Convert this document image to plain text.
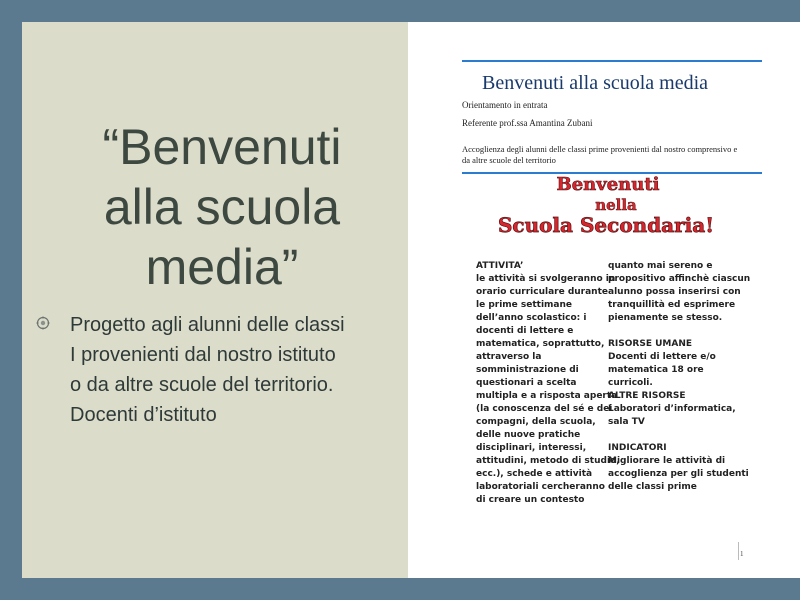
“Benvenuti
alla scuola
media”
Progetto agli alunni delle classi
I provenienti dal nostro istituto
o da altre scuole del territorio.
Docenti d’istituto
Benvenuti alla scuola media
Orientamento in entrata
Referente prof.ssa Amantina Zubani
Accoglienza degli alunni delle classi prime provenienti dal nostro comprensivo e
da altre scuole del territorio
Benvenuti
nella
Scuola Secondaria!
ATTIVITA’
le attività si svolgeranno in
orario curriculare durante
le prime settimane
dell’anno scolastico: i
docenti di lettere e
matematica, soprattutto,
attraverso la
somministrazione di
questionari a scelta
multipla e a risposta aperta
(la conoscenza del sé e dei
compagni, della scuola,
delle nuove pratiche
disciplinari, interessi,
attitudini, metodo di studio,
ecc.), schede e attività
laboratoriali cercheranno
di creare un contesto
quanto mai sereno e
propositivo affinchè ciascun
alunno possa inserirsi con
tranquillità ed esprimere
pienamente se stesso.

RISORSE UMANE
Docenti di lettere e/o
matematica 18 ore
curricoli.
ALTRE RISORSE
Laboratori d’informatica,
sala TV

INDICATORI
Migliorare le attività di
accoglienza per gli studenti
delle classi prime
1
